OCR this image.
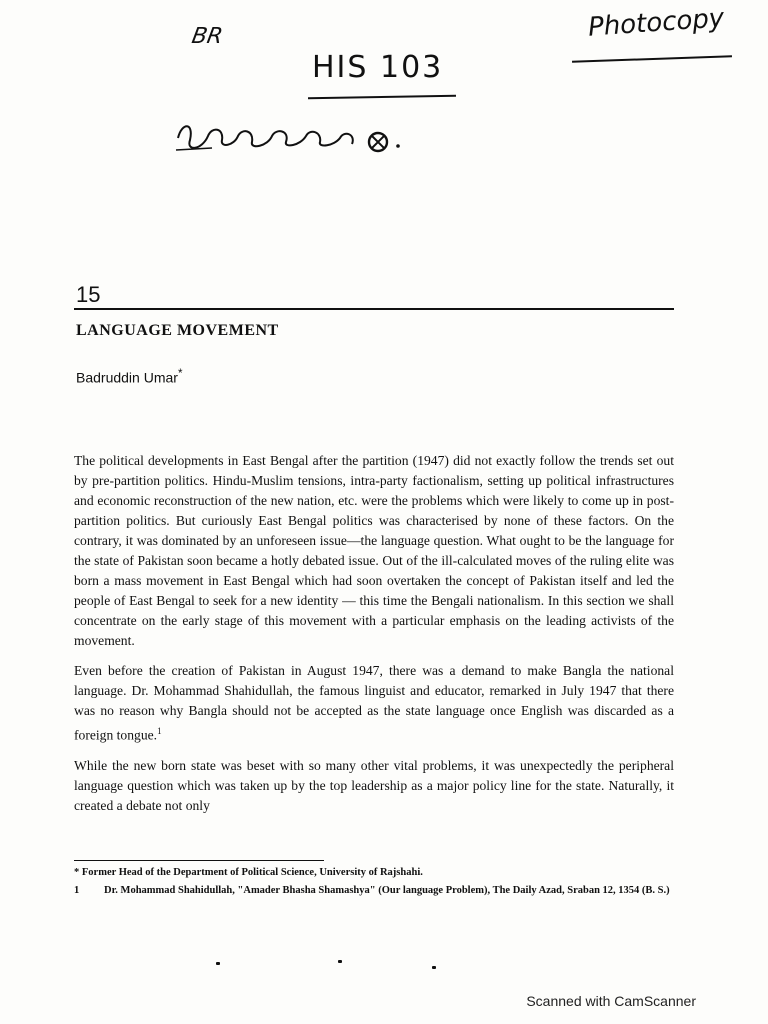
BR
HIS 103
Photocopy
15
LANGUAGE MOVEMENT
Badruddin Umar*

The political developments in East Bengal after the partition (1947) did not exactly follow the trends set out by pre-partition politics. Hindu-Muslim tensions, intra-party factionalism, setting up political infrastructures and economic reconstruction of the new nation, etc. were the problems which were likely to come up in post-partition politics. But curiously East Bengal politics was characterised by none of these factors. On the contrary, it was dominated by an unforeseen issue—the language question. What ought to be the language for the state of Pakistan soon became a hotly debated issue. Out of the ill-calculated moves of the ruling elite was born a mass movement in East Bengal which had soon overtaken the concept of Pakistan itself and led the people of East Bengal to seek for a new identity — this time the Bengali nationalism. In this section we shall concentrate on the early stage of this movement with a particular emphasis on the leading activists of the movement.

Even before the creation of Pakistan in August 1947, there was a demand to make Bangla the national language. Dr. Mohammad Shahidullah, the famous linguist and educator, remarked in July 1947 that there was no reason why Bangla should not be accepted as the state language once English was discarded as a foreign tongue.$^1$

While the new born state was beset with so many other vital problems, it was unexpectedly the peripheral language question which was taken up by the top leadership as a major policy line for the state. Naturally, it created a debate not only

* Former Head of the Department of Political Science, University of Rajshahi.

1	Dr. Mohammad Shahidullah, "Amader Bhasha Shamashya" (Our language Problem), The Daily Azad, Sraban 12, 1354 (B. S.)

Scanned with CamScanner
